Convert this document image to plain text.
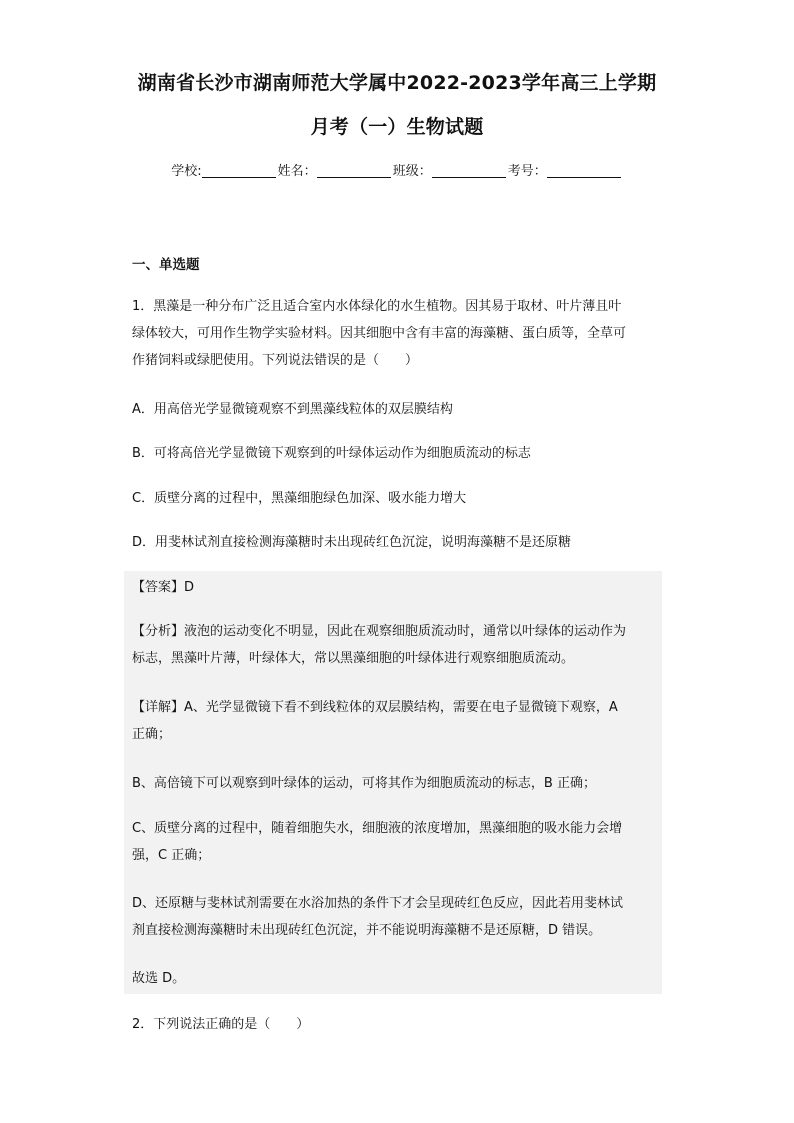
湖南省长沙市湖南师范大学属中2022-2023学年高三上学期
月考（一）生物试题
学校:	姓名：	班级：	考号：
一、单选题
1．黑藻是一种分布广泛且适合室内水体绿化的水生植物。因其易于取材、叶片薄且叶
绿体较大，可用作生物学实验材料。因其细胞中含有丰富的海藻糖、蛋白质等，全草可
作猪饲料或绿肥使用。下列说法错误的是（　　）
A．用高倍光学显微镜观察不到黑藻线粒体的双层膜结构
B．可将高倍光学显微镜下观察到的叶绿体运动作为细胞质流动的标志
C．质壁分离的过程中，黑藻细胞绿色加深、吸水能力增大
D．用斐林试剂直接检测海藻糖时未出现砖红色沉淀，说明海藻糖不是还原糖
【答案】D
【分析】液泡的运动变化不明显，因此在观察细胞质流动时，通常以叶绿体的运动作为
标志，黑藻叶片薄，叶绿体大，常以黑藻细胞的叶绿体进行观察细胞质流动。
【详解】A、光学显微镜下看不到线粒体的双层膜结构，需要在电子显微镜下观察，A
正确；
B、高倍镜下可以观察到叶绿体的运动，可将其作为细胞质流动的标志，B 正确；
C、质壁分离的过程中，随着细胞失水，细胞液的浓度增加，黑藻细胞的吸水能力会增
强，C 正确；
D、还原糖与斐林试剂需要在水浴加热的条件下才会呈现砖红色反应，因此若用斐林试
剂直接检测海藻糖时未出现砖红色沉淀，并不能说明海藻糖不是还原糖，D 错误。
故选 D。
2．下列说法正确的是（　　）
